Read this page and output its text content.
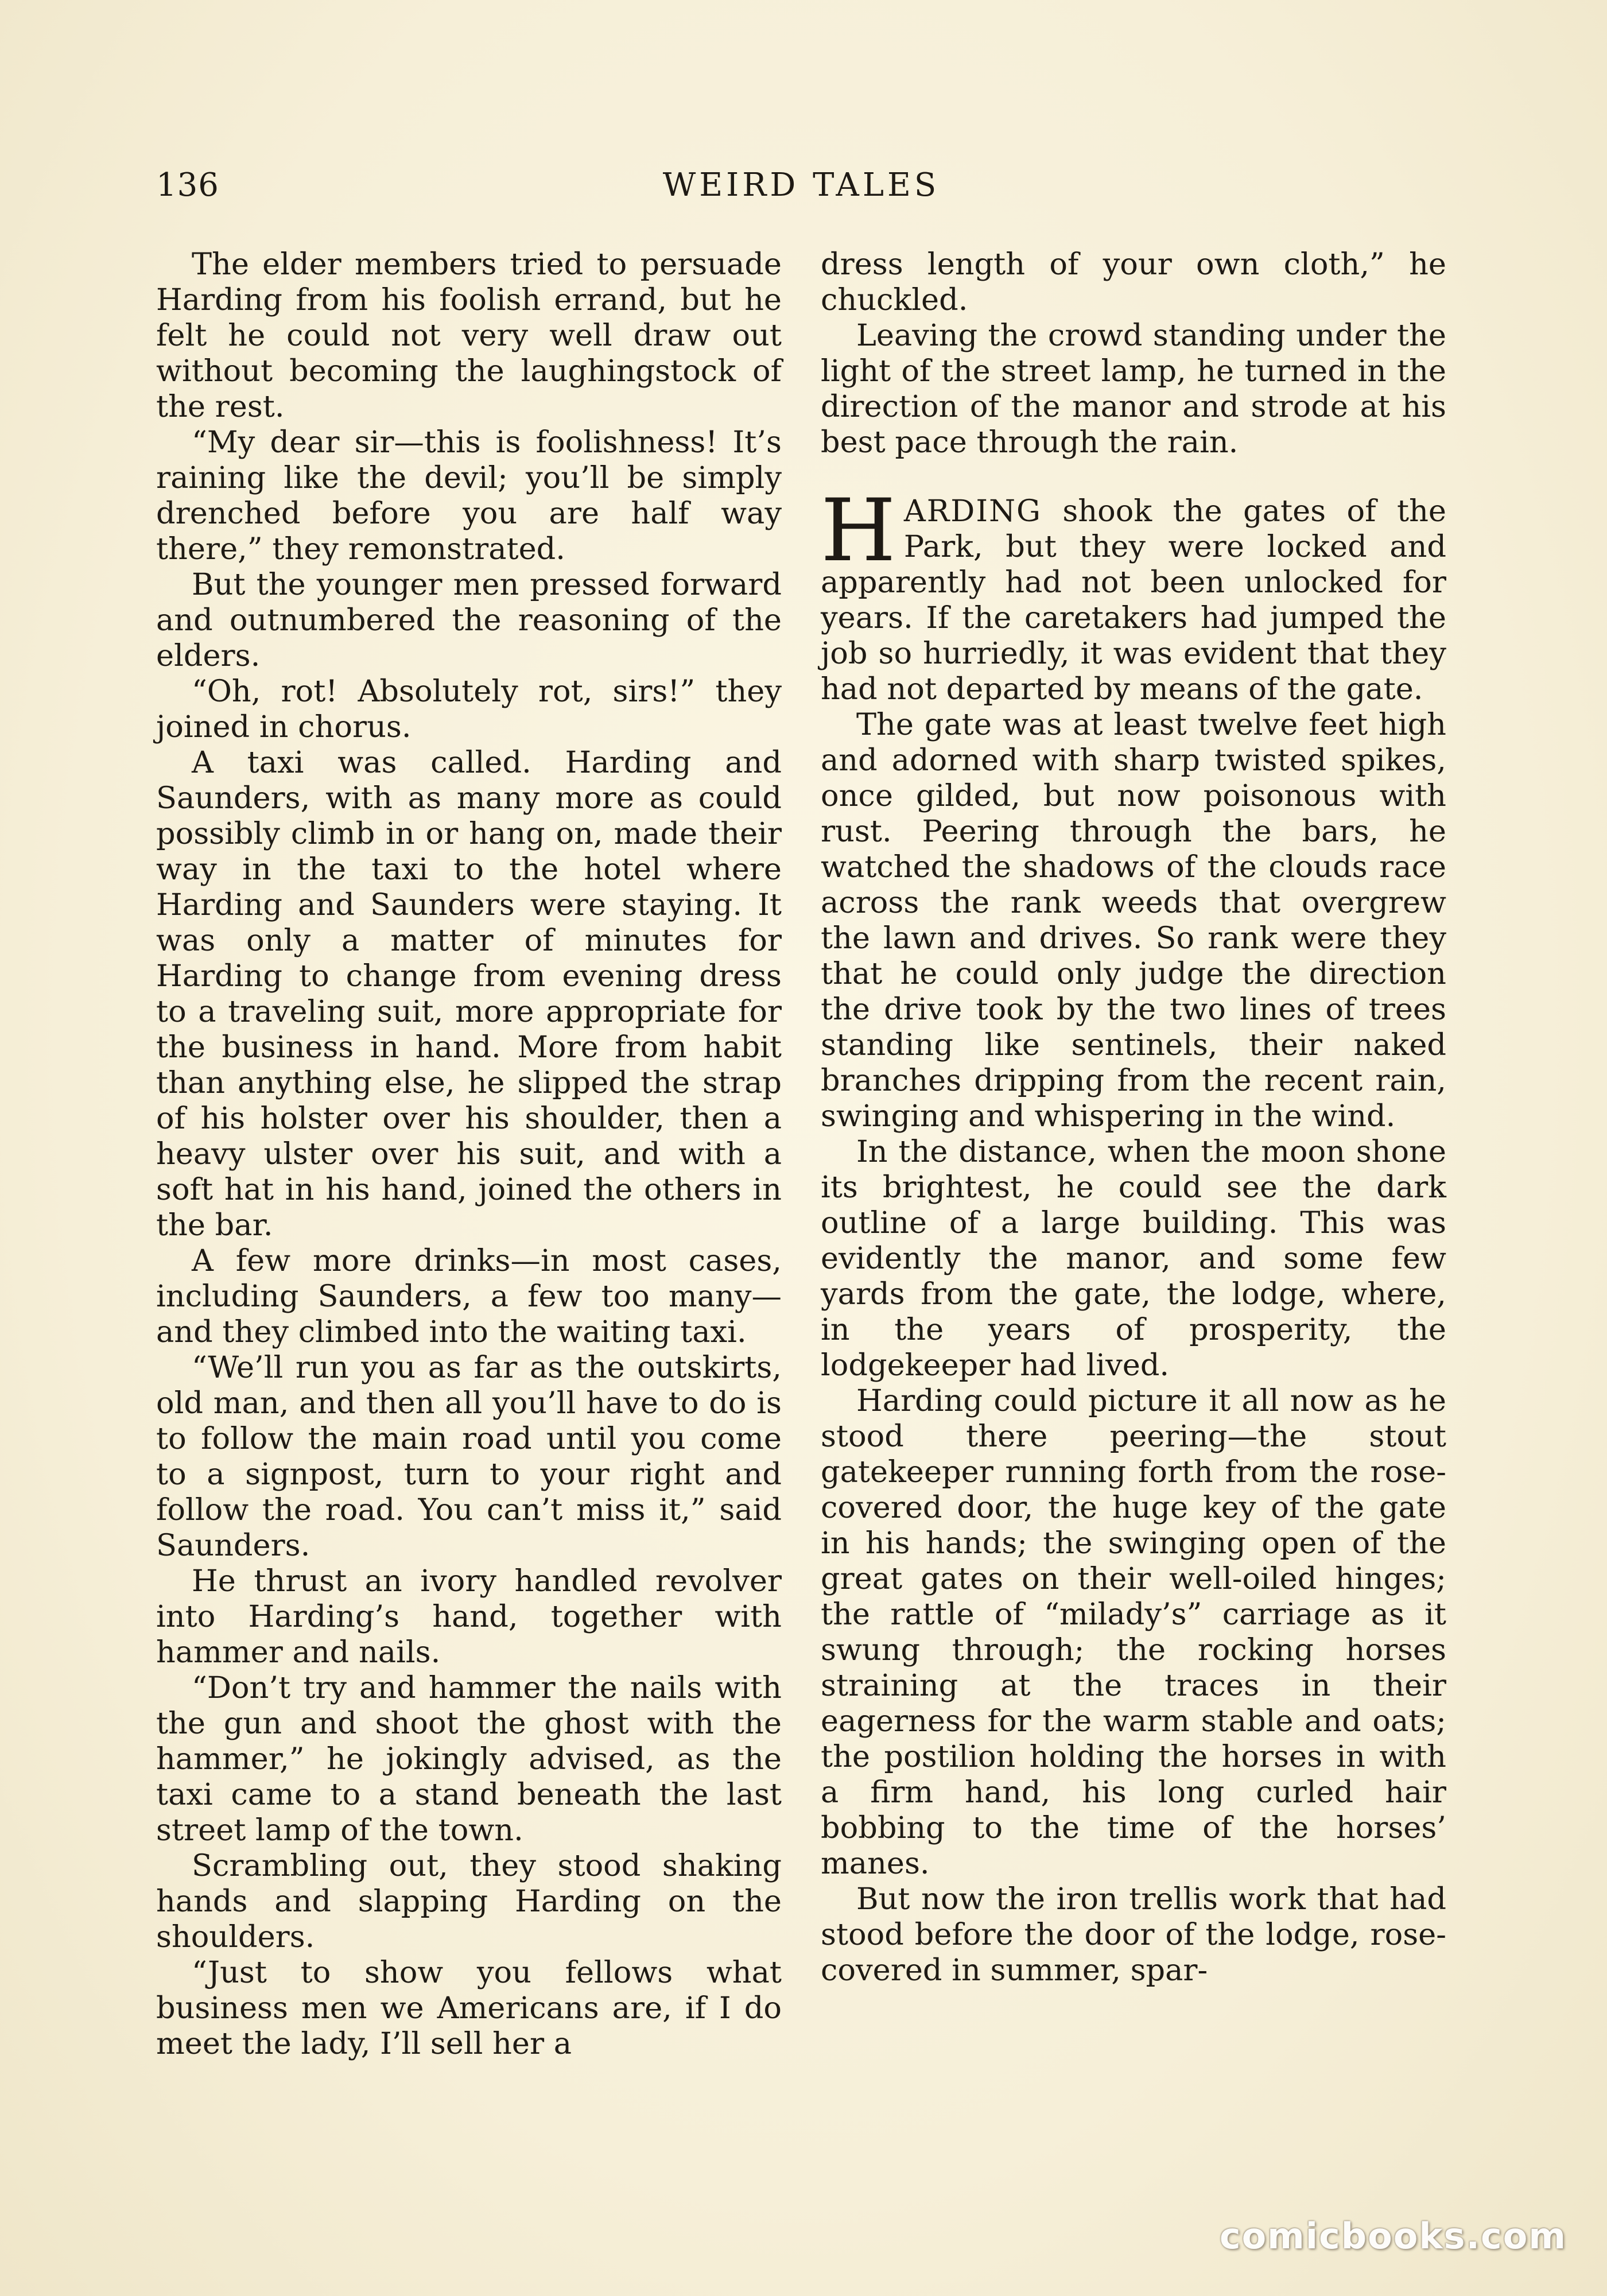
136	WEIRD TALES

The elder members tried to persuade Harding from his foolish errand, but he felt he could not very well draw out without becoming the laughingstock of the rest.

“My dear sir—this is foolishness! It’s raining like the devil; you’ll be simply drenched before you are half way there,” they remonstrated.

But the younger men pressed forward and outnumbered the reasoning of the elders.

“Oh, rot! Absolutely rot, sirs!” they joined in chorus.

A taxi was called. Harding and Saunders, with as many more as could possibly climb in or hang on, made their way in the taxi to the hotel where Harding and Saunders were staying. It was only a matter of minutes for Harding to change from evening dress to a traveling suit, more appropriate for the business in hand. More from habit than anything else, he slipped the strap of his holster over his shoulder, then a heavy ulster over his suit, and with a soft hat in his hand, joined the others in the bar.

A few more drinks—in most cases, including Saunders, a few too many—and they climbed into the waiting taxi.

“We’ll run you as far as the outskirts, old man, and then all you’ll have to do is to follow the main road until you come to a signpost, turn to your right and follow the road. You can’t miss it,” said Saunders.

He thrust an ivory handled revolver into Harding’s hand, together with hammer and nails.

“Don’t try and hammer the nails with the gun and shoot the ghost with the hammer,” he jokingly advised, as the taxi came to a stand beneath the last street lamp of the town.

Scrambling out, they stood shaking hands and slapping Harding on the shoulders.

“Just to show you fellows what business men we Americans are, if I do meet the lady, I’ll sell her a

dress length of your own cloth,” he chuckled.

Leaving the crowd standing under the light of the street lamp, he turned in the direction of the manor and strode at his best pace through the rain.

HARDING shook the gates of the Park, but they were locked and apparently had not been unlocked for years. If the caretakers had jumped the job so hurriedly, it was evident that they had not departed by means of the gate.

The gate was at least twelve feet high and adorned with sharp twisted spikes, once gilded, but now poisonous with rust. Peering through the bars, he watched the shadows of the clouds race across the rank weeds that overgrew the lawn and drives. So rank were they that he could only judge the direction the drive took by the two lines of trees standing like sentinels, their naked branches dripping from the recent rain, swinging and whispering in the wind.

In the distance, when the moon shone its brightest, he could see the dark outline of a large building. This was evidently the manor, and some few yards from the gate, the lodge, where, in the years of prosperity, the lodgekeeper had lived.

Harding could picture it all now as he stood there peering—the stout gatekeeper running forth from the rose-covered door, the huge key of the gate in his hands; the swinging open of the great gates on their well-oiled hinges; the rattle of “milady’s” carriage as it swung through; the rocking horses straining at the traces in their eagerness for the warm stable and oats; the postilion holding the horses in with a firm hand, his long curled hair bobbing to the time of the horses’ manes.

But now the iron trellis work that had stood before the door of the lodge, rose-covered in summer, spar-

comicbooks.com
